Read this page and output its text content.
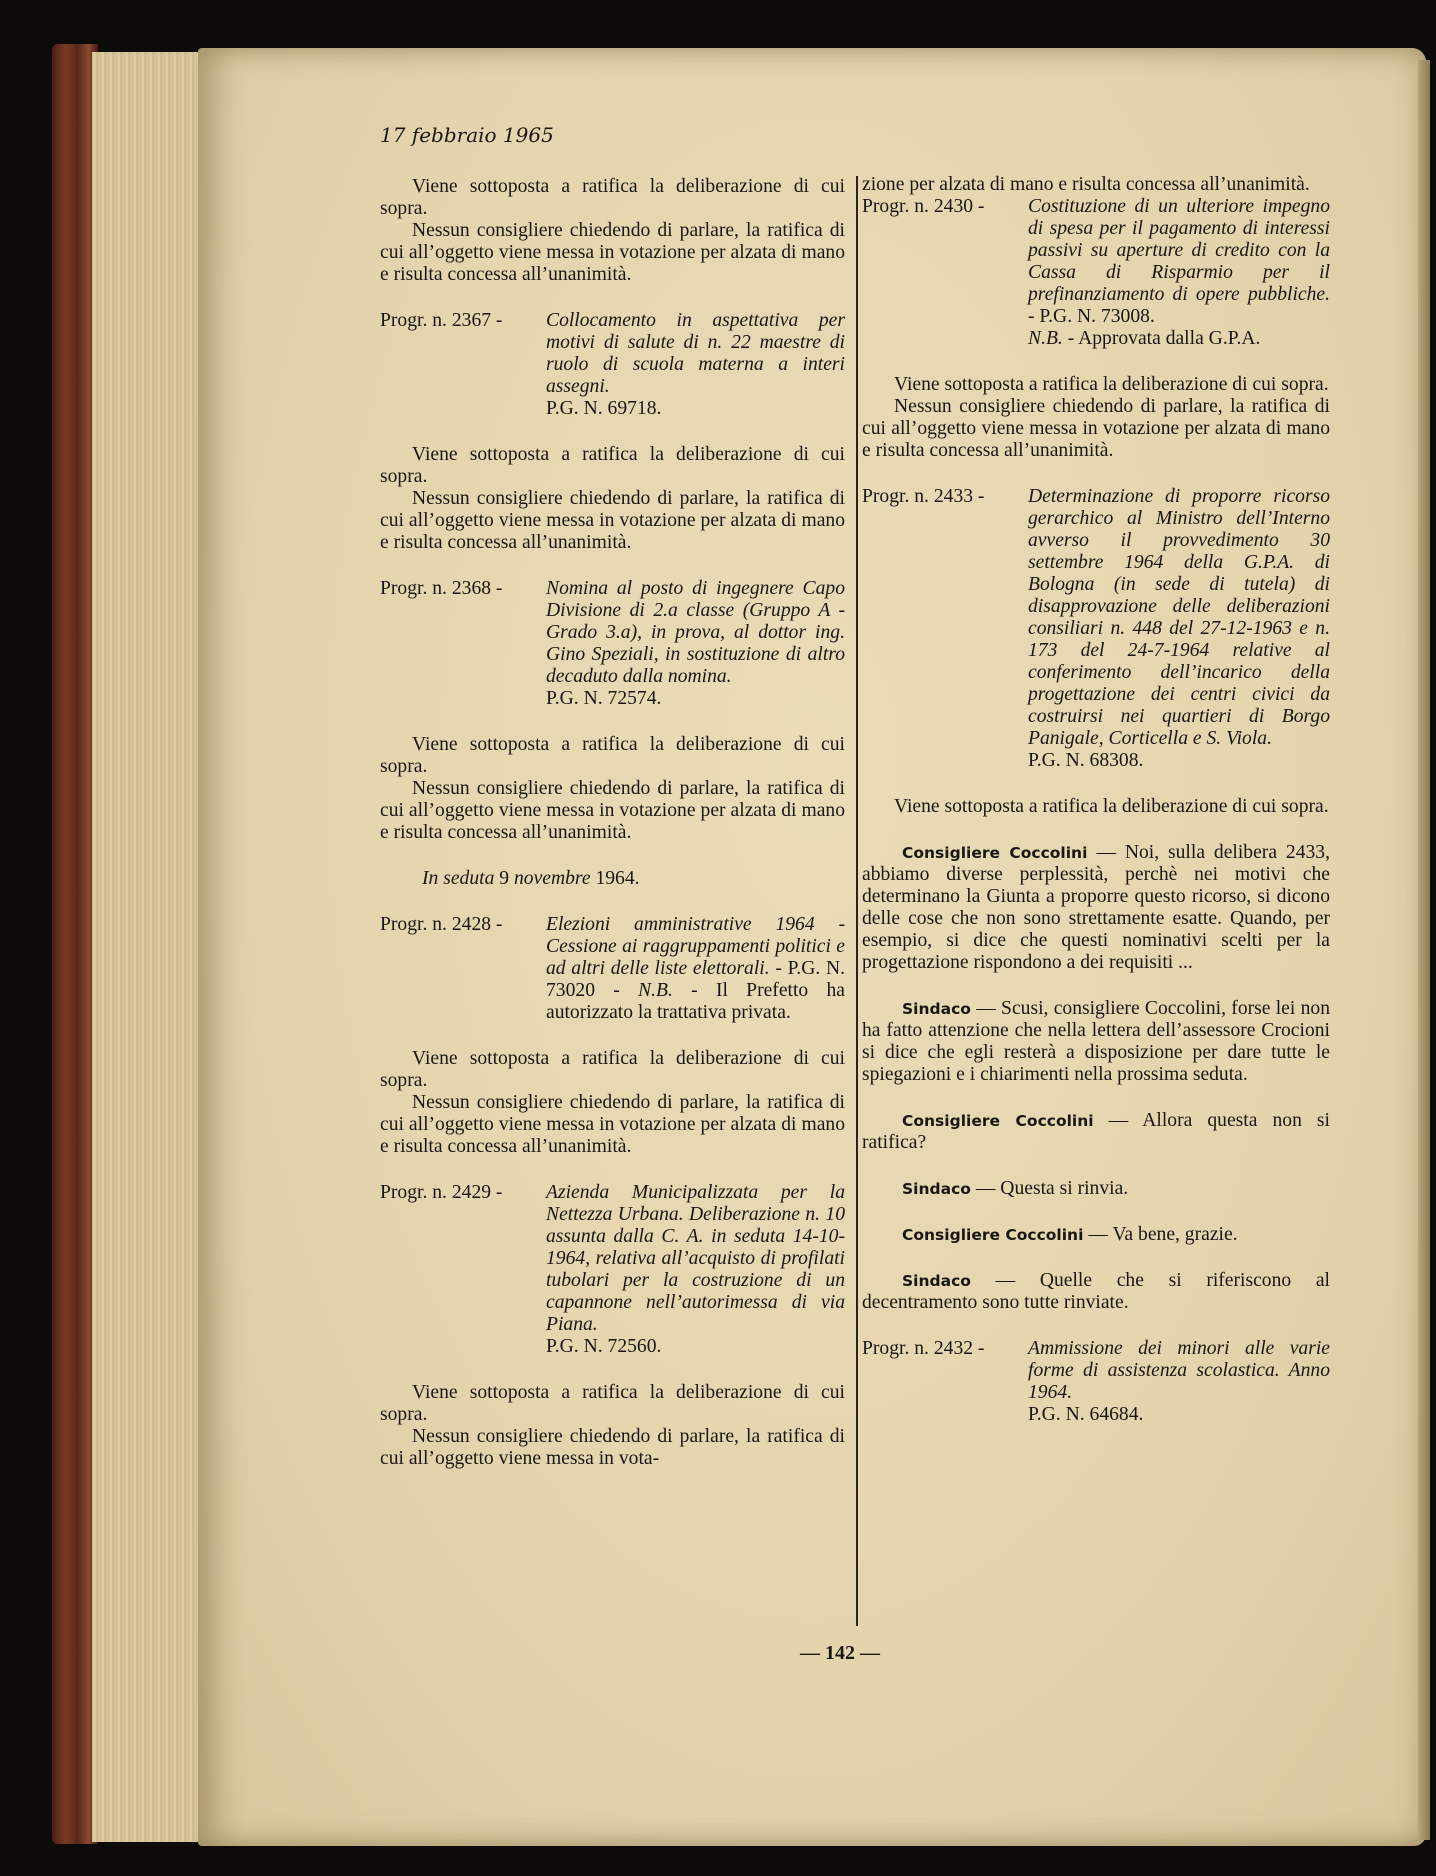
17 febbraio 1965

Viene sottoposta a ratifica la deliberazione di cui sopra.

Nessun consigliere chiedendo di parlare, la ratifica di cui all’oggetto viene messa in votazione per alzata di mano e risulta concessa all’unanimità.

Progr. n. 2367 -	Collocamento in aspettativa per motivi di salute di n. 22 maestre di ruolo di scuola materna a interi assegni.
P.G. N. 69718.

Viene sottoposta a ratifica la deliberazione di cui sopra.

Nessun consigliere chiedendo di parlare, la ratifica di cui all’oggetto viene messa in votazione per alzata di mano e risulta concessa all’unanimità.

Progr. n. 2368 -	Nomina al posto di ingegnere Capo Divisione di 2.a classe (Gruppo A - Grado 3.a), in prova, al dottor ing. Gino Speziali, in sostituzione di altro decaduto dalla nomina.
P.G. N. 72574.

Viene sottoposta a ratifica la deliberazione di cui sopra.

Nessun consigliere chiedendo di parlare, la ratifica di cui all’oggetto viene messa in votazione per alzata di mano e risulta concessa all’unanimità.

In seduta 9 novembre 1964.

Progr. n. 2428 -	Elezioni amministrative 1964 - Cessione ai raggruppamenti politici e ad altri delle liste elettorali. - P.G. N. 73020 - N.B. - Il Prefetto ha autorizzato la trattativa privata.

Viene sottoposta a ratifica la deliberazione di cui sopra.

Nessun consigliere chiedendo di parlare, la ratifica di cui all’oggetto viene messa in votazione per alzata di mano e risulta concessa all’unanimità.

Progr. n. 2429 -	Azienda Municipalizzata per la Nettezza Urbana. Deliberazione n. 10 assunta dalla C. A. in seduta 14-10-1964, relativa all’acquisto di profilati tubolari per la costruzione di un capannone nell’autorimessa di via Piana.
P.G. N. 72560.

Viene sottoposta a ratifica la deliberazione di cui sopra.

Nessun consigliere chiedendo di parlare, la ratifica di cui all’oggetto viene messa in vota-

zione per alzata di mano e risulta concessa all’unanimità.

Progr. n. 2430 -	Costituzione di un ulteriore impegno di spesa per il pagamento di interessi passivi su aperture di credito con la Cassa di Risparmio per il prefinanziamento di opere pubbliche. - P.G. N. 73008.
N.B. - Approvata dalla G.P.A.

Viene sottoposta a ratifica la deliberazione di cui sopra.

Nessun consigliere chiedendo di parlare, la ratifica di cui all’oggetto viene messa in votazione per alzata di mano e risulta concessa all’unanimità.

Progr. n. 2433 -	Determinazione di proporre ricorso gerarchico al Ministro dell’Interno avverso il provvedimento 30 settembre 1964 della G.P.A. di Bologna (in sede di tutela) di disapprovazione delle deliberazioni consiliari n. 448 del 27-12-1963 e n. 173 del 24-7-1964 relative al conferimento dell’incarico della progettazione dei centri civici da costruirsi nei quartieri di Borgo Panigale, Corticella e S. Viola.
P.G. N. 68308.

Viene sottoposta a ratifica la deliberazione di cui sopra.

Consigliere Coccolini — Noi, sulla delibera 2433, abbiamo diverse perplessità, perchè nei motivi che determinano la Giunta a proporre questo ricorso, si dicono delle cose che non sono strettamente esatte. Quando, per esempio, si dice che questi nominativi scelti per la progettazione rispondono a dei requisiti ...

Sindaco — Scusi, consigliere Coccolini, forse lei non ha fatto attenzione che nella lettera dell’assessore Crocioni si dice che egli resterà a disposizione per dare tutte le spiegazioni e i chiarimenti nella prossima seduta.

Consigliere Coccolini — Allora questa non si ratifica?

Sindaco — Questa si rinvia.

Consigliere Coccolini — Va bene, grazie.

Sindaco — Quelle che si riferiscono al decentramento sono tutte rinviate.

Progr. n. 2432 -	Ammissione dei minori alle varie forme di assistenza scolastica. Anno 1964.
P.G. N. 64684.
— 142 —
